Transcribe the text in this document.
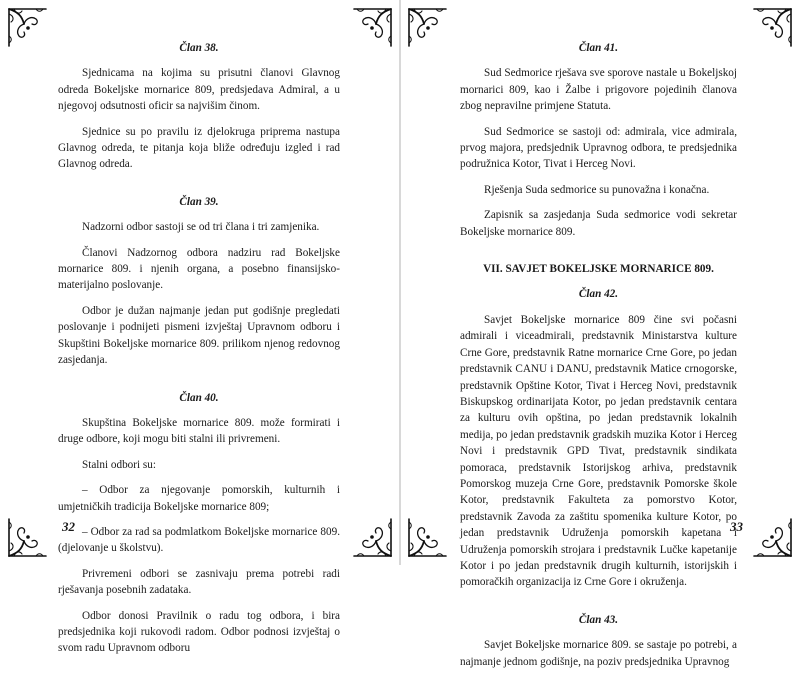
Član 38.

Sjednicama na kojima su prisutni članovi Glavnog odreda Bokeljske mornarice 809, predsjedava Admiral, a u njegovoj odsutnosti oficir sa najvišim činom.

Sjednice su po pravilu iz djelokruga priprema nastupa Glavnog odreda, te pitanja koja bliže određuju izgled i rad Glavnog odreda.

Član 39.

Nadzorni odbor sastoji se od tri člana i tri zamjenika.

Članovi Nadzornog odbora nadziru rad Bokeljske mornarice 809. i njenih organa, a posebno finansijsko-materijalno poslovanje.

Odbor je dužan najmanje jedan put godišnje pregledati poslovanje i podnijeti pismeni izvještaj Upravnom odboru i Skupštini Bokeljske mornarice 809. prilikom njenog redovnog zasjedanja.

Član 40.

Skupština Bokeljske mornarice 809. može formirati i druge odbore, koji mogu biti stalni ili privremeni.

Stalni odbori su:

– Odbor za njegovanje pomorskih, kulturnih i umjetničkih tradicija Bokeljske mornarice 809;

– Odbor za rad sa podmlatkom Bokeljske mornarice 809. (djelovanje u školstvu).

Privremeni odbori se zasnivaju prema potrebi radi rješavanja posebnih zadataka.

Odbor donosi Pravilnik o radu tog odbora, i bira predsjednika koji rukovodi radom. Odbor podnosi izvještaj o svom radu Upravnom odboru

32
Član 41.

Sud Sedmorice rješava sve sporove nastale u Bokeljskoj mornarici 809, kao i Žalbe i prigovore pojedinih članova zbog nepravilne primjene Statuta.

Sud Sedmorice se sastoji od: admirala, vice admirala, prvog majora, predsjednik Upravnog odbora, te predsjednika podružnica Kotor, Tivat i Herceg Novi.

Rješenja Suda sedmorice su punovažna i konačna.

Zapisnik sa zasjedanja Suda sedmorice vodi sekretar Bokeljske mornarice 809.

VII. SAVJET BOKELJSKE MORNARICE 809.
Član 42.

Savjet Bokeljske mornarice 809 čine svi počasni admirali i viceadmirali, predstavnik Ministarstva kulture Crne Gore, predstavnik Ratne mornarice Crne Gore, po jedan predstavnik CANU i DANU, predstavnik Matice crnogorske, predstavnik Opštine Kotor, Tivat i Herceg Novi, predstavnik Biskupskog ordinarijata Kotor, po jedan predstavnik centara za kulturu ovih opština, po jedan predstavnik lokalnih medija, po jedan predstavnik gradskih muzika Kotor i Herceg Novi i predstavnik GPD Tivat, predstavnik sindikata pomoraca, predstavnik Istorijskog arhiva, predstavnik Pomorskog muzeja Crne Gore, predstavnik Pomorske škole Kotor, predstavnik Fakulteta za pomorstvo Kotor, predstavnik Zavoda za zaštitu spomenika kulture Kotor, po jedan predstavnik Udruženja pomorskih kapetana i Udruženja pomorskih strojara i predstavnik Lučke kapetanije Kotor i po jedan predstavnik drugih kulturnih, istorijskih i pomoračkih organizacija iz Crne Gore i okruženja.

Član 43.

Savjet Bokeljske mornarice 809. se sastaje po potrebi, a najmanje jednom godišnje, na poziv predsjednika Upravnog

33
